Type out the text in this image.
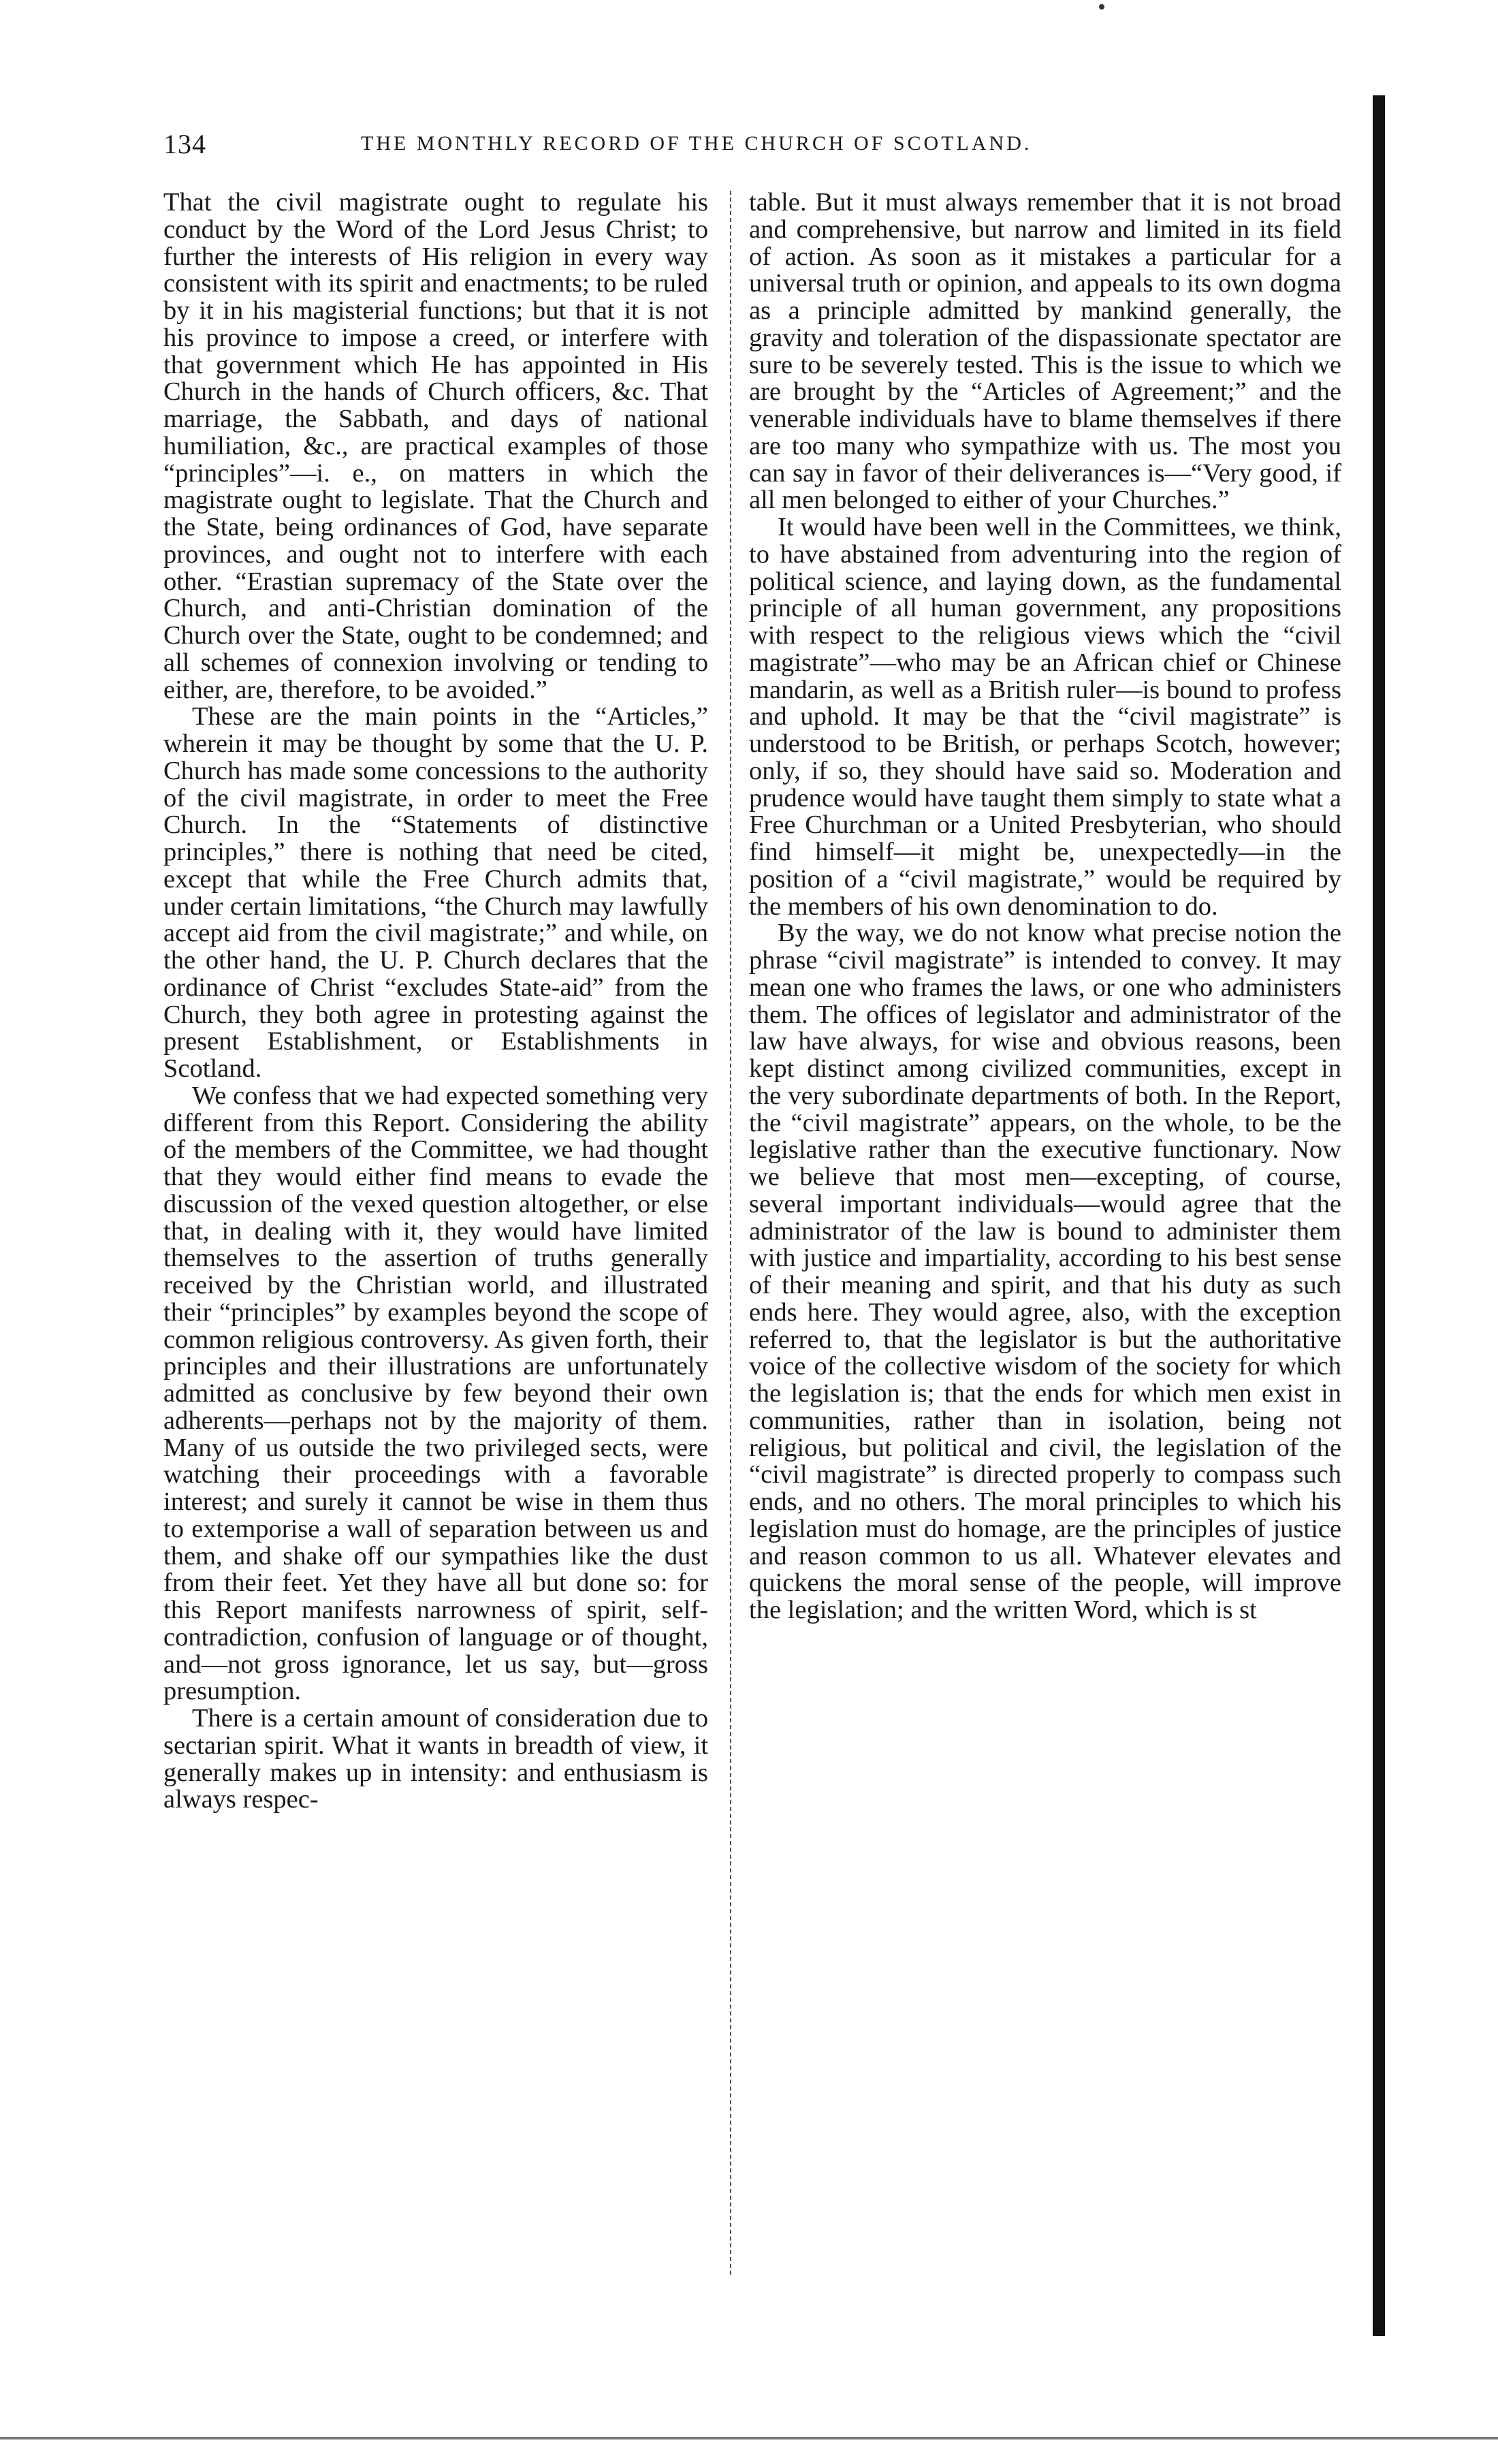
134	THE MONTHLY RECORD OF THE CHURCH OF SCOTLAND.

That the civil magistrate ought to regulate his conduct by the Word of the Lord Jesus Christ; to further the interests of His religion in every way consistent with its spirit and enactments; to be ruled by it in his magisterial functions; but that it is not his province to impose a creed, or interfere with that government which He has appointed in His Church in the hands of Church officers, &c. That marriage, the Sabbath, and days of national humiliation, &c., are practical examples of those “principles”—i. e., on matters in which the magistrate ought to legislate. That the Church and the State, being ordinances of God, have separate provinces, and ought not to interfere with each other. “Erastian supremacy of the State over the Church, and anti-Christian domination of the Church over the State, ought to be condemned; and all schemes of connexion involving or tending to either, are, therefore, to be avoided.”

These are the main points in the “Articles,” wherein it may be thought by some that the U. P. Church has made some concessions to the authority of the civil magistrate, in order to meet the Free Church. In the “Statements of distinctive principles,” there is nothing that need be cited, except that while the Free Church admits that, under certain limitations, “the Church may lawfully accept aid from the civil magistrate;” and while, on the other hand, the U. P. Church declares that the ordinance of Christ “excludes State-aid” from the Church, they both agree in protesting against the present Establishment, or Establishments in Scotland.

We confess that we had expected something very different from this Report. Considering the ability of the members of the Committee, we had thought that they would either find means to evade the discussion of the vexed question altogether, or else that, in dealing with it, they would have limited themselves to the assertion of truths generally received by the Christian world, and illustrated their “principles” by examples beyond the scope of common religious controversy. As given forth, their principles and their illustrations are unfortunately admitted as conclusive by few beyond their own adherents—perhaps not by the majority of them. Many of us outside the two privileged sects, were watching their proceedings with a favorable interest; and surely it cannot be wise in them thus to extemporise a wall of separation between us and them, and shake off our sympathies like the dust from their feet. Yet they have all but done so: for this Report manifests narrowness of spirit, self-contradiction, confusion of language or of thought, and—not gross ignorance, let us say, but—gross presumption.

There is a certain amount of consideration due to sectarian spirit. What it wants in breadth of view, it generally makes up in intensity: and enthusiasm is always respec-

table. But it must always remember that it is not broad and comprehensive, but narrow and limited in its field of action. As soon as it mistakes a particular for a universal truth or opinion, and appeals to its own dogma as a principle admitted by mankind generally, the gravity and toleration of the dispassionate spectator are sure to be severely tested. This is the issue to which we are brought by the “Articles of Agreement;” and the venerable individuals have to blame themselves if there are too many who sympathize with us. The most you can say in favor of their deliverances is—“Very good, if all men belonged to either of your Churches.”

It would have been well in the Committees, we think, to have abstained from adventuring into the region of political science, and laying down, as the fundamental principle of all human government, any propositions with respect to the religious views which the “civil magistrate”—who may be an African chief or Chinese mandarin, as well as a British ruler—is bound to profess and uphold. It may be that the “civil magistrate” is understood to be British, or perhaps Scotch, however; only, if so, they should have said so. Moderation and prudence would have taught them simply to state what a Free Churchman or a United Presbyterian, who should find himself—it might be, unexpectedly—in the position of a “civil magistrate,” would be required by the members of his own denomination to do.

By the way, we do not know what precise notion the phrase “civil magistrate” is intended to convey. It may mean one who frames the laws, or one who administers them. The offices of legislator and administrator of the law have always, for wise and obvious reasons, been kept distinct among civilized communities, except in the very subordinate departments of both. In the Report, the “civil magistrate” appears, on the whole, to be the legislative rather than the executive functionary. Now we believe that most men—excepting, of course, several important individuals—would agree that the administrator of the law is bound to administer them with justice and impartiality, according to his best sense of their meaning and spirit, and that his duty as such ends here. They would agree, also, with the exception referred to, that the legislator is but the authoritative voice of the collective wisdom of the society for which the legislation is; that the ends for which men exist in communities, rather than in isolation, being not religious, but political and civil, the legislation of the “civil magistrate” is directed properly to compass such ends, and no others. The moral principles to which his legislation must do homage, are the principles of justice and reason common to us all. Whatever elevates and quickens the moral sense of the people, will improve the legislation; and the written Word, which is st
